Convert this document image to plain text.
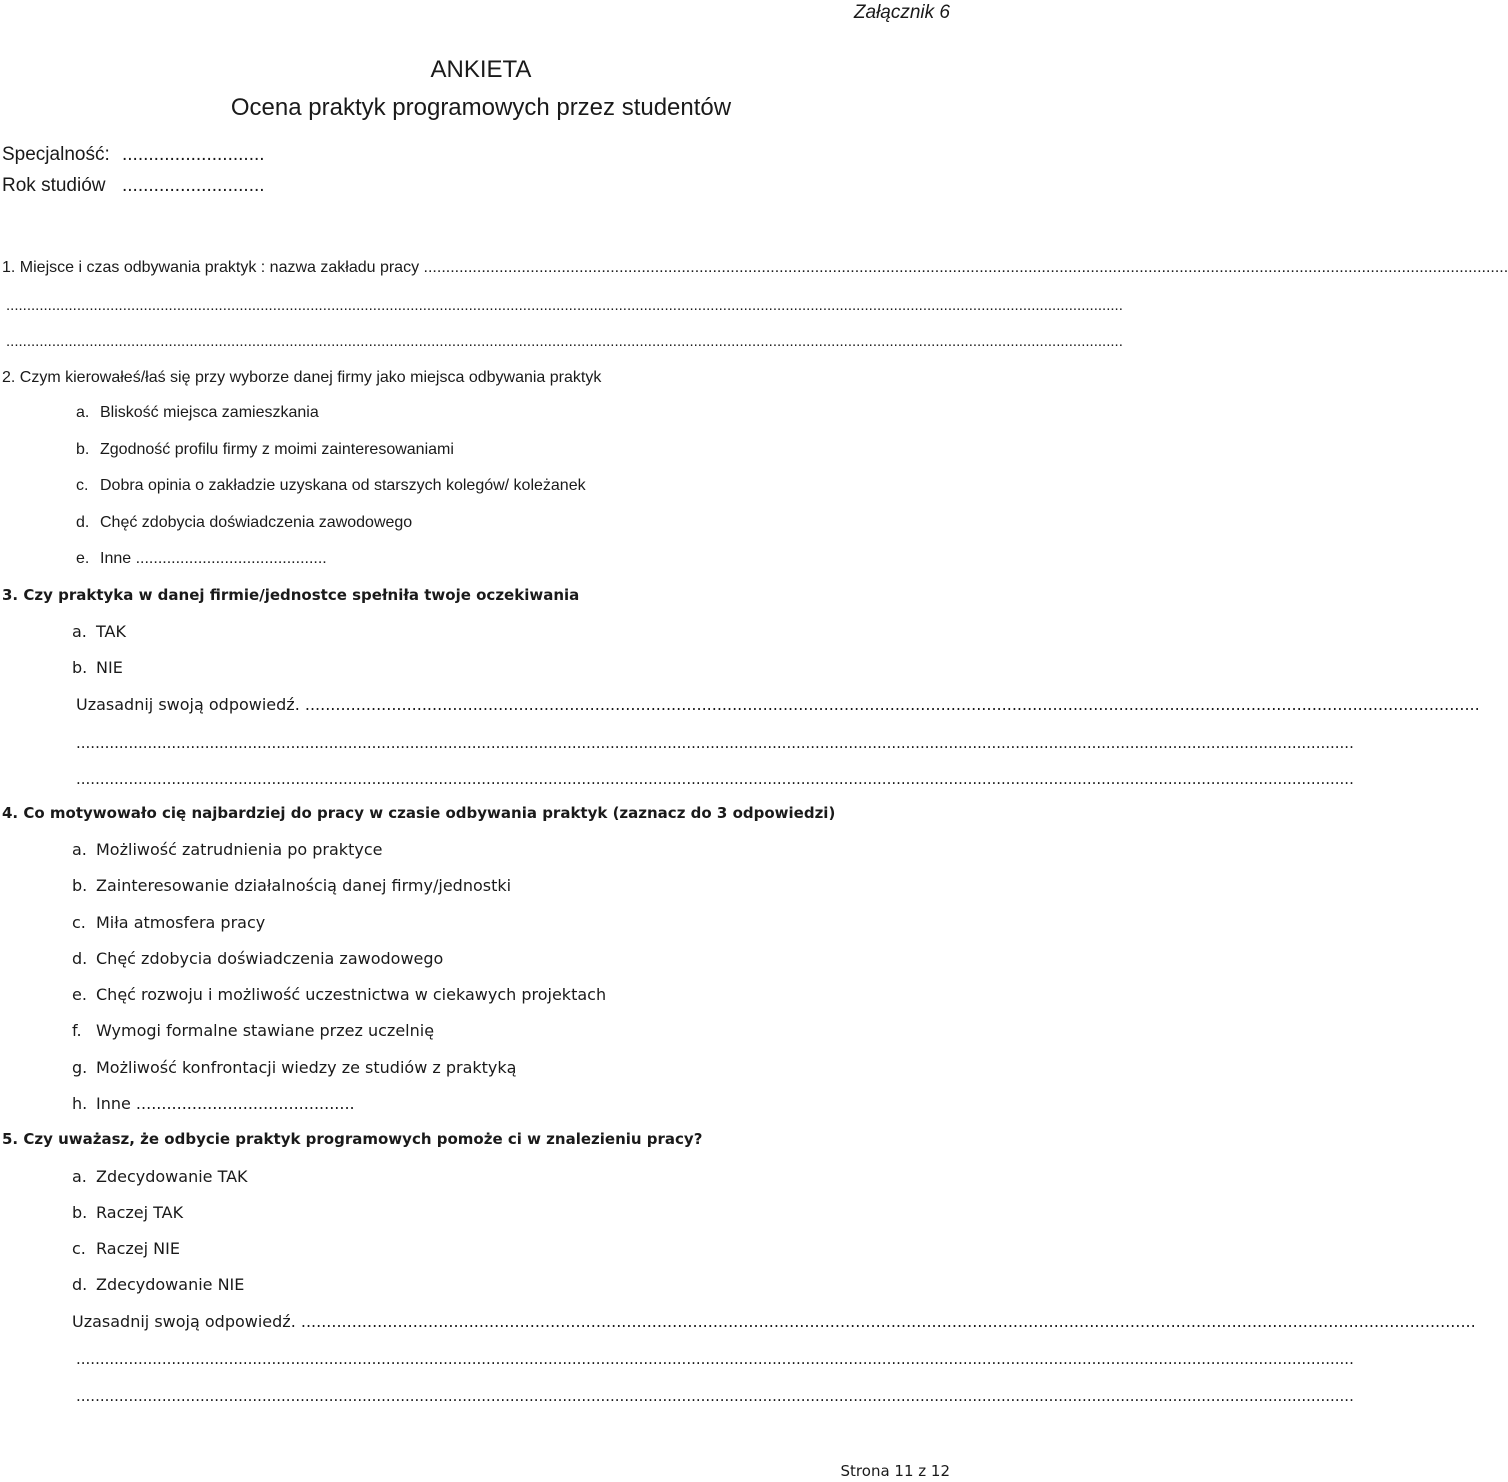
Załącznik 6
ANKIETA
Ocena praktyk programowych przez studentów
Specjalność: ...........................
Rok studiów ...........................
1. Miejsce i czas odbywania praktyk : nazwa zakładu pracy ....................................................................................................................................................................................................................................................
............................................................................................................................................................................................................................................................................
............................................................................................................................................................................................................................................................................
2. Czym kierowałeś/łaś się przy wyborze danej firmy jako miejsca odbywania praktyk
a. Bliskość miejsca zamieszkania
b. Zgodność profilu firmy z moimi zainteresowaniami
c. Dobra opinia o zakładzie uzyskana od starszych kolegów/ koleżanek
d. Chęć zdobycia doświadczenia zawodowego
e. Inne ...........................................
3. Czy praktyka w danej firmie/jednostce spełniła twoje oczekiwania
a. TAK
b. NIE
Uzasadnij swoją odpowiedź. .......................................................................................................................................................................................................................................
............................................................................................................................................................................................................................................................................
............................................................................................................................................................................................................................................................................
4. Co motywowało cię najbardziej do pracy w czasie odbywania praktyk (zaznacz do 3 odpowiedzi)
a. Możliwość zatrudnienia po praktyce
b. Zainteresowanie działalnością danej firmy/jednostki
c. Miła atmosfera pracy
d. Chęć zdobycia doświadczenia zawodowego
e. Chęć rozwoju i możliwość uczestnictwa w ciekawych projektach
f. Wymogi formalne stawiane przez uczelnię
g. Możliwość konfrontacji wiedzy ze studiów z praktyką
h. Inne ...........................................
5. Czy uważasz, że odbycie praktyk programowych pomoże ci w znalezieniu pracy?
a. Zdecydowanie TAK
b. Raczej TAK
c. Raczej NIE
d. Zdecydowanie NIE
Uzasadnij swoją odpowiedź. .......................................................................................................................................................................................................................................
............................................................................................................................................................................................................................................................................
............................................................................................................................................................................................................................................................................
Strona 11 z 12
